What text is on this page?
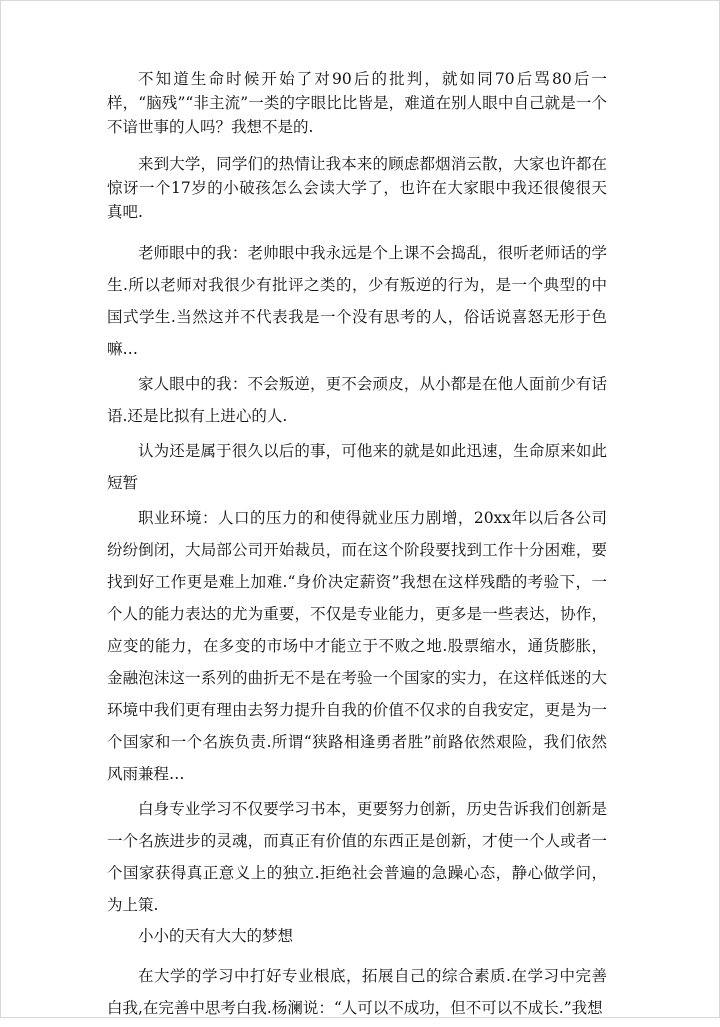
不知道生命时候开始了对90后的批判，就如同70后骂80后一样，“脑残”“非主流”一类的字眼比比皆是，难道在别人眼中自己就是一个不谙世事的人吗？我想不是的.

来到大学，同学们的热情让我本来的顾虑都烟消云散，大家也许都在惊讶一个17岁的小破孩怎么会读大学了，也许在大家眼中我还很傻很天真吧.

老师眼中的我：老帅眼中我永远是个上课不会捣乱，很听老师话的学生.所以老师对我很少有批评之类的，少有叛逆的行为，是一个典型的中国式学生.当然这并不代表我是一个没有思考的人，俗话说喜怒无形于色嘛…

家人眼中的我：不会叛逆，更不会顽皮，从小都是在他人面前少有话语.还是比拟有上进心的人.

认为还是属于很久以后的事，可他来的就是如此迅速，生命原来如此短暂

职业环境：人口的压力的和使得就业压力剧增，20xx年以后各公司纷纷倒闭，大局部公司开始裁员，而在这个阶段要找到工作十分困难，要找到好工作更是难上加难.“身价决定薪资”我想在这样残酷的考验下，一个人的能力表达的尤为重要，不仅是专业能力，更多是一些表达，协作，应变的能力，在多变的市场中才能立于不败之地.股票缩水，通货膨胀，金融泡沫这一系列的曲折无不是在考验一个国家的实力，在这样低迷的大环境中我们更有理由去努力提升自我的价值不仅求的自我安定，更是为一个国家和一个名族负责.所谓“狭路相逢勇者胜”前路依然艰险，我们依然风雨兼程…

白身专业学习不仅要学习书本，更要努力创新，历史告诉我们创新是一个名族进步的灵魂，而真正有价值的东西正是创新，才使一个人或者一个国家获得真正意义上的独立.拒绝社会普遍的急躁心态，静心做学问，为上策.

小小的天有大大的梦想

在大学的学习中打好专业根底，拓展自己的综合素质.在学习中完善白我,在完善中思考白我.杨澜说：“人可以不成功，但不可以不成长.”我想
